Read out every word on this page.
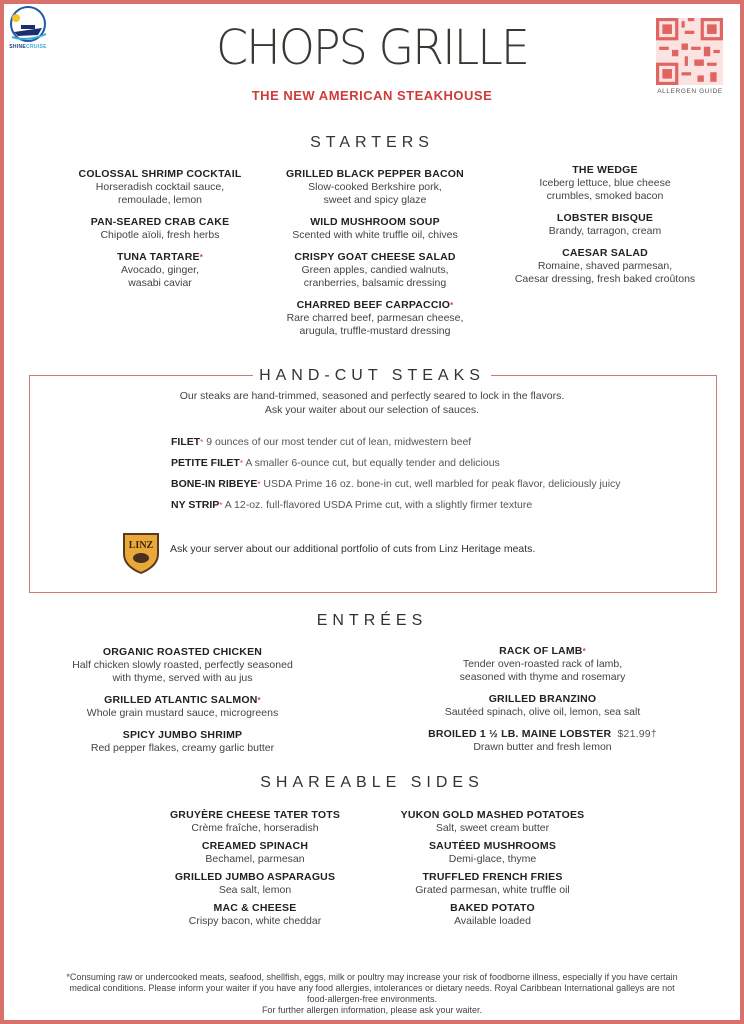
SHINECRUISE	CHOPS GRILLE
THE NEW AMERICAN STEAKHOUSE	ALLERGEN GUIDE
STARTERS
COLOSSAL SHRIMP COCKTAIL
Horseradish cocktail sauce,
remoulade, lemon
PAN-SEARED CRAB CAKE
Chipotle aïoli, fresh herbs
TUNA TARTARE*
Avocado, ginger,
wasabi caviar
GRILLED BLACK PEPPER BACON
Slow-cooked Berkshire pork,
sweet and spicy glaze
WILD MUSHROOM SOUP
Scented with white truffle oil, chives
CRISPY GOAT CHEESE SALAD
Green apples, candied walnuts,
cranberries, balsamic dressing
CHARRED BEEF CARPACCIO*
Rare charred beef, parmesan cheese,
arugula, truffle-mustard dressing
THE WEDGE
Iceberg lettuce, blue cheese
crumbles, smoked bacon
LOBSTER BISQUE
Brandy, tarragon, cream
CAESAR SALAD
Romaine, shaved parmesan,
Caesar dressing, fresh baked croûtons
HAND-CUT STEAKS
Our steaks are hand-trimmed, seasoned and perfectly seared to lock in the flavors.
Ask your waiter about our selection of sauces.
FILET* 9 ounces of our most tender cut of lean, midwestern beef
PETITE FILET* A smaller 6-ounce cut, but equally tender and delicious
BONE-IN RIBEYE* USDA Prime 16 oz. bone-in cut, well marbled for peak flavor, deliciously juicy
NY STRIP* A 12-oz. full-flavored USDA Prime cut, with a slightly firmer texture
LINZ Ask your server about our additional portfolio of cuts from Linz Heritage meats.
ENTRÉES
ORGANIC ROASTED CHICKEN
Half chicken slowly roasted, perfectly seasoned
with thyme, served with au jus
GRILLED ATLANTIC SALMON*
Whole grain mustard sauce, microgreens
SPICY JUMBO SHRIMP
Red pepper flakes, creamy garlic butter
RACK OF LAMB*
Tender oven-roasted rack of lamb,
seasoned with thyme and rosemary
GRILLED BRANZINO
Sautéed spinach, olive oil, lemon, sea salt
BROILED 1 ½ LB. MAINE LOBSTER $21.99†
Drawn butter and fresh lemon
SHAREABLE SIDES
GRUYÈRE CHEESE TATER TOTS
Crème fraîche, horseradish
CREAMED SPINACH
Bechamel, parmesan
GRILLED JUMBO ASPARAGUS
Sea salt, lemon
MAC & CHEESE
Crispy bacon, white cheddar
YUKON GOLD MASHED POTATOES
Salt, sweet cream butter
SAUTÉED MUSHROOMS
Demi-glace, thyme
TRUFFLED FRENCH FRIES
Grated parmesan, white truffle oil
BAKED POTATO
Available loaded
*Consuming raw or undercooked meats, seafood, shellfish, eggs, milk or poultry may increase your risk of foodborne illness, especially if you have certain
medical conditions. Please inform your waiter if you have any food allergies, intolerances or dietary needs. Royal Caribbean International galleys are not
food-allergen-free environments.
For further allergen information, please ask your waiter.
